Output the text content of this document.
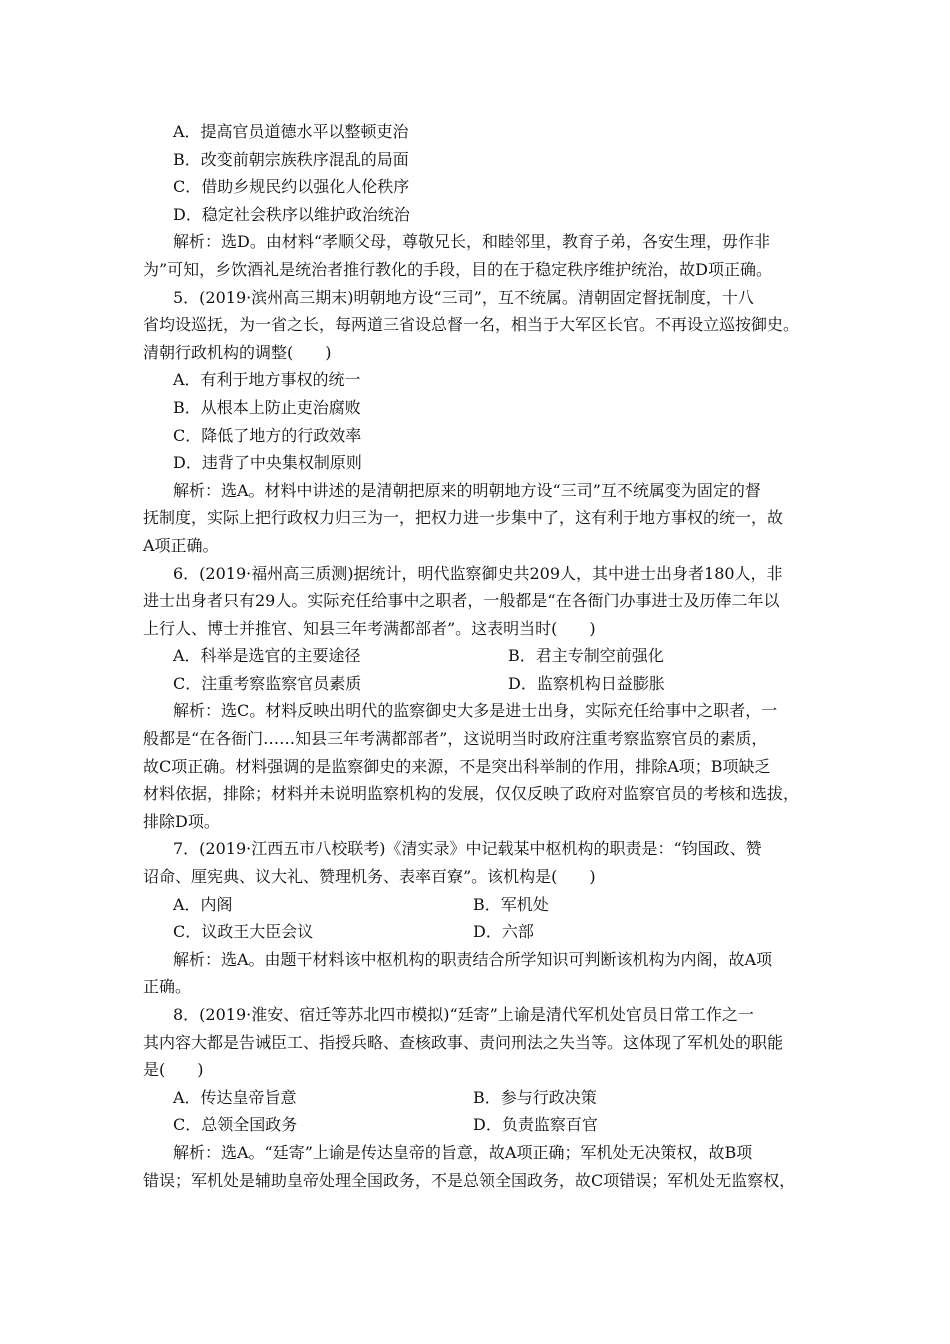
A．提高官员道德水平以整顿吏治
B．改变前朝宗族秩序混乱的局面
C．借助乡规民约以强化人伦秩序
D．稳定社会秩序以维护政治统治
解析：选D。由材料“孝顺父母，尊敬兄长，和睦邻里，教育子弟，各安生理，毋作非
为”可知，乡饮酒礼是统治者推行教化的手段，目的在于稳定秩序维护统治，故D项正确。
5．(2019·滨州高三期末)明朝地方设“三司”，互不统属。清朝固定督抚制度，十八
省均设巡抚，为一省之长，每两道三省设总督一名，相当于大军区长官。不再设立巡按御史。
清朝行政机构的调整(　　)
A．有利于地方事权的统一
B．从根本上防止吏治腐败
C．降低了地方的行政效率
D．违背了中央集权制原则
解析：选A。材料中讲述的是清朝把原来的明朝地方设“三司”互不统属变为固定的督
抚制度，实际上把行政权力归三为一，把权力进一步集中了，这有利于地方事权的统一，故
A项正确。
6．(2019·福州高三质测)据统计，明代监察御史共209人，其中进士出身者180人，非
进士出身者只有29人。实际充任给事中之职者，一般都是“在各衙门办事进士及历俸二年以
上行人、博士并推官、知县三年考满都部者”。这表明当时(　　)
A．科举是选官的主要途径	B．君主专制空前强化
C．注重考察监察官员素质	D．监察机构日益膨胀
解析：选C。材料反映出明代的监察御史大多是进士出身，实际充任给事中之职者，一
般都是“在各衙门……知县三年考满都部者”，这说明当时政府注重考察监察官员的素质，
故C项正确。材料强调的是监察御史的来源，不是突出科举制的作用，排除A项；B项缺乏
材料依据，排除；材料并未说明监察机构的发展，仅仅反映了政府对监察官员的考核和选拔，
排除D项。
7．(2019·江西五市八校联考)《清实录》中记载某中枢机构的职责是：“钧国政、赞
诏命、厘宪典、议大礼、赞理机务、表率百寮”。该机构是(　　)
A．内阁	B．军机处
C．议政王大臣会议	D．六部
解析：选A。由题干材料该中枢机构的职责结合所学知识可判断该机构为内阁，故A项
正确。
8．(2019·淮安、宿迁等苏北四市模拟)“廷寄”上谕是清代军机处官员日常工作之一
其内容大都是告诫臣工、指授兵略、查核政事、责问刑法之失当等。这体现了军机处的职能
是(　　)
A．传达皇帝旨意	B．参与行政决策
C．总领全国政务	D．负责监察百官
解析：选A。“廷寄”上谕是传达皇帝的旨意，故A项正确；军机处无决策权，故B项
错误；军机处是辅助皇帝处理全国政务，不是总领全国政务，故C项错误；军机处无监察权，
